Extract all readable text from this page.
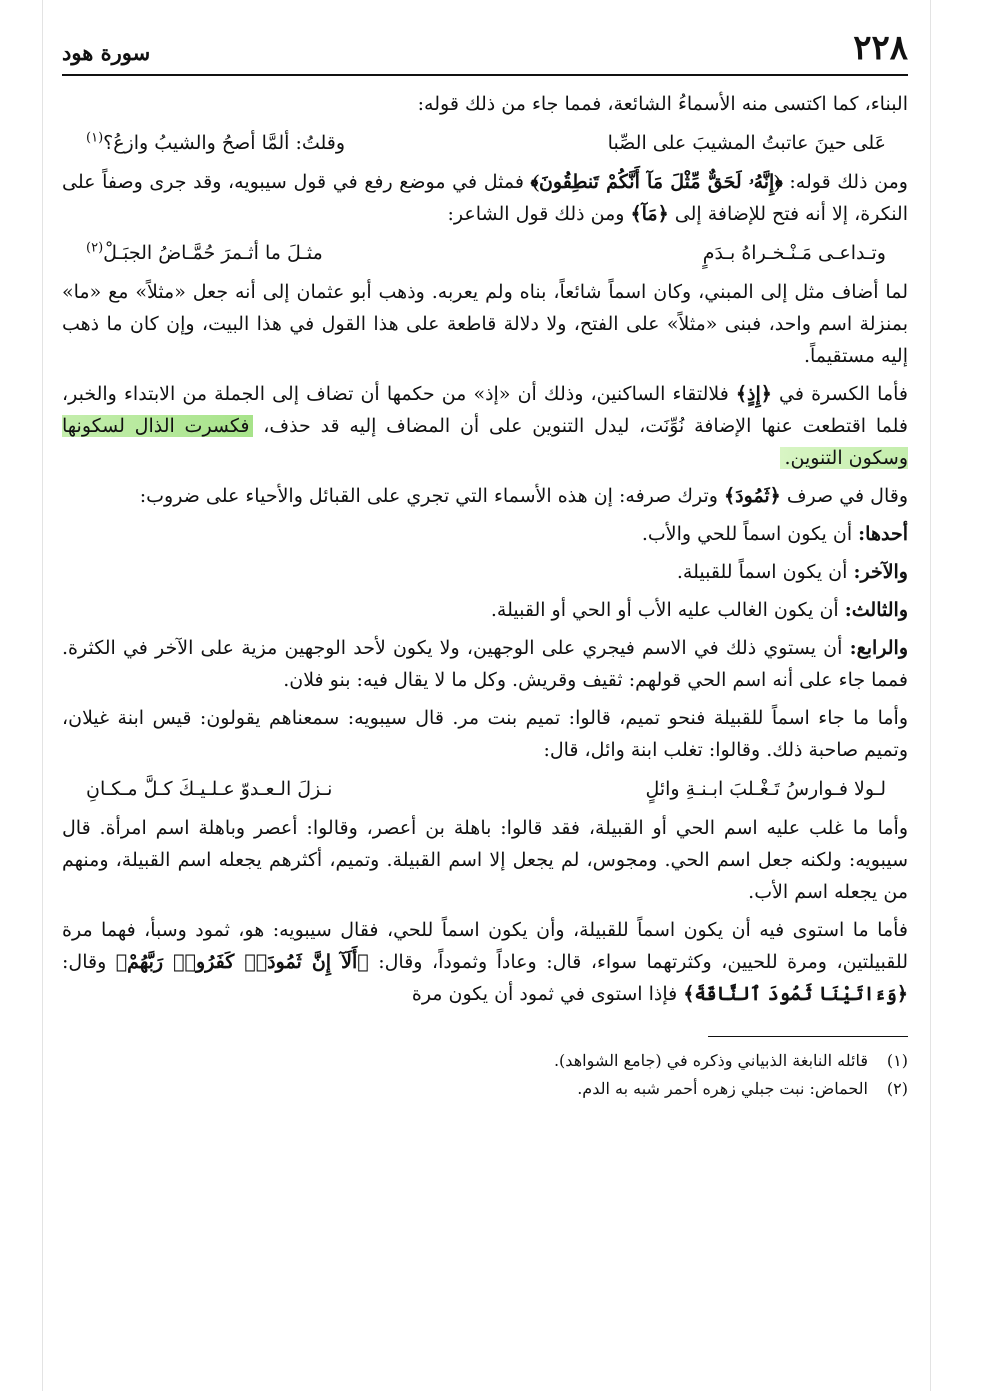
٢٢٨
سورة هود

البناء، كما اكتسى منه الأسماءُ الشائعة، فمما جاء من ذلك قوله:

عَلى حينَ عاتبتُ المشيبَ على الصِّبا
وقلتُ: ألمَّا أصحُ والشيبُ وازعُ؟$^{(١)}$

ومن ذلك قوله: ﴿إِنَّهُۥ لَحَقٌّ مِّثْلَ مَآ أَنَّكُمْ تَنطِقُونَ﴾ فمثل في موضع رفع في قول سيبويه، وقد جرى وصفاً على النكرة، إلا أنه فتح للإضافة إلى ﴿مَآ﴾ ومن ذلك قول الشاعر:

وتـداعـى مَـنْـخـراهُ بـدَمٍ
مثـلَ ما أثـمرَ حُمَّـاضُ الجبَـلْ$^{(٢)}$

لما أضاف مثل إلى المبني، وكان اسماً شائعاً، بناه ولم يعربه. وذهب أبو عثمان إلى أنه جعل «مثلاً» مع «ما» بمنزلة اسم واحد، فبنى «مثلاً» على الفتح، ولا دلالة قاطعة على هذا القول في هذا البيت، وإن كان ما ذهب إليه مستقيماً.

فأما الكسرة في ﴿إِذٍ﴾ فلالتقاء الساكنين، وذلك أن «إذ» من حكمها أن تضاف إلى الجملة من الابتداء والخبر، فلما اقتطعت عنها الإضافة نُوِّنَت، ليدل التنوين على أن المضاف إليه قد حذف، فكسرت الذال لسكونها وسكون التنوين.

وقال في صرف ﴿ثَمُودَ﴾ وترك صرفه: إن هذه الأسماء التي تجري على القبائل والأحياء على ضروب:

أحدها: أن يكون اسماً للحي والأب.

والآخر: أن يكون اسماً للقبيلة.

والثالث: أن يكون الغالب عليه الأب أو الحي أو القبيلة.

والرابع: أن يستوي ذلك في الاسم فيجري على الوجهين، ولا يكون لأحد الوجهين مزية على الآخر في الكثرة. فمما جاء على أنه اسم الحي قولهم: ثقيف وقريش. وكل ما لا يقال فيه: بنو فلان.

وأما ما جاء اسماً للقبيلة فنحو تميم، قالوا: تميم بنت مر. قال سيبويه: سمعناهم يقولون: قيس ابنة غيلان، وتميم صاحبة ذلك. وقالوا: تغلب ابنة وائل، قال:

لـولا فـوارسُ تَـغْـلبَ ابـنـةِ وائلٍ
نـزلَ الـعـدوّ عـلـيـكَ كـلَّ مـكـانِ

وأما ما غلب عليه اسم الحي أو القبيلة، فقد قالوا: باهلة بن أعصر، وقالوا: أعصر وباهلة اسم امرأة. قال سيبويه: ولكنه جعل اسم الحي. ومجوس، لم يجعل إلا اسم القبيلة. وتميم، أكثرهم يجعله اسم القبيلة، ومنهم من يجعله اسم الأب.

فأما ما استوى فيه أن يكون اسماً للقبيلة، وأن يكون اسماً للحي، فقال سيبويه: هو، ثمود وسبأ، فهما مرة للقبيلتين، ومرة للحيين، وكثرتهما سواء، قال: وعاداً وثموداً، وقال: ﴿أَلَآ إِنَّ ثَمُودَا۟ كَفَرُوا۟ رَبَّهُمْ﴾ وقال: ﴿وَءَاتَيْنَا ثَمُودَ ٱلنَّاقَةَ﴾ فإذا استوى في ثمود أن يكون مرة

(١)
قائله النابغة الذبياني وذكره في (جامع الشواهد).
(٢)
الحماض: نبت جبلي زهره أحمر شبه به الدم.
